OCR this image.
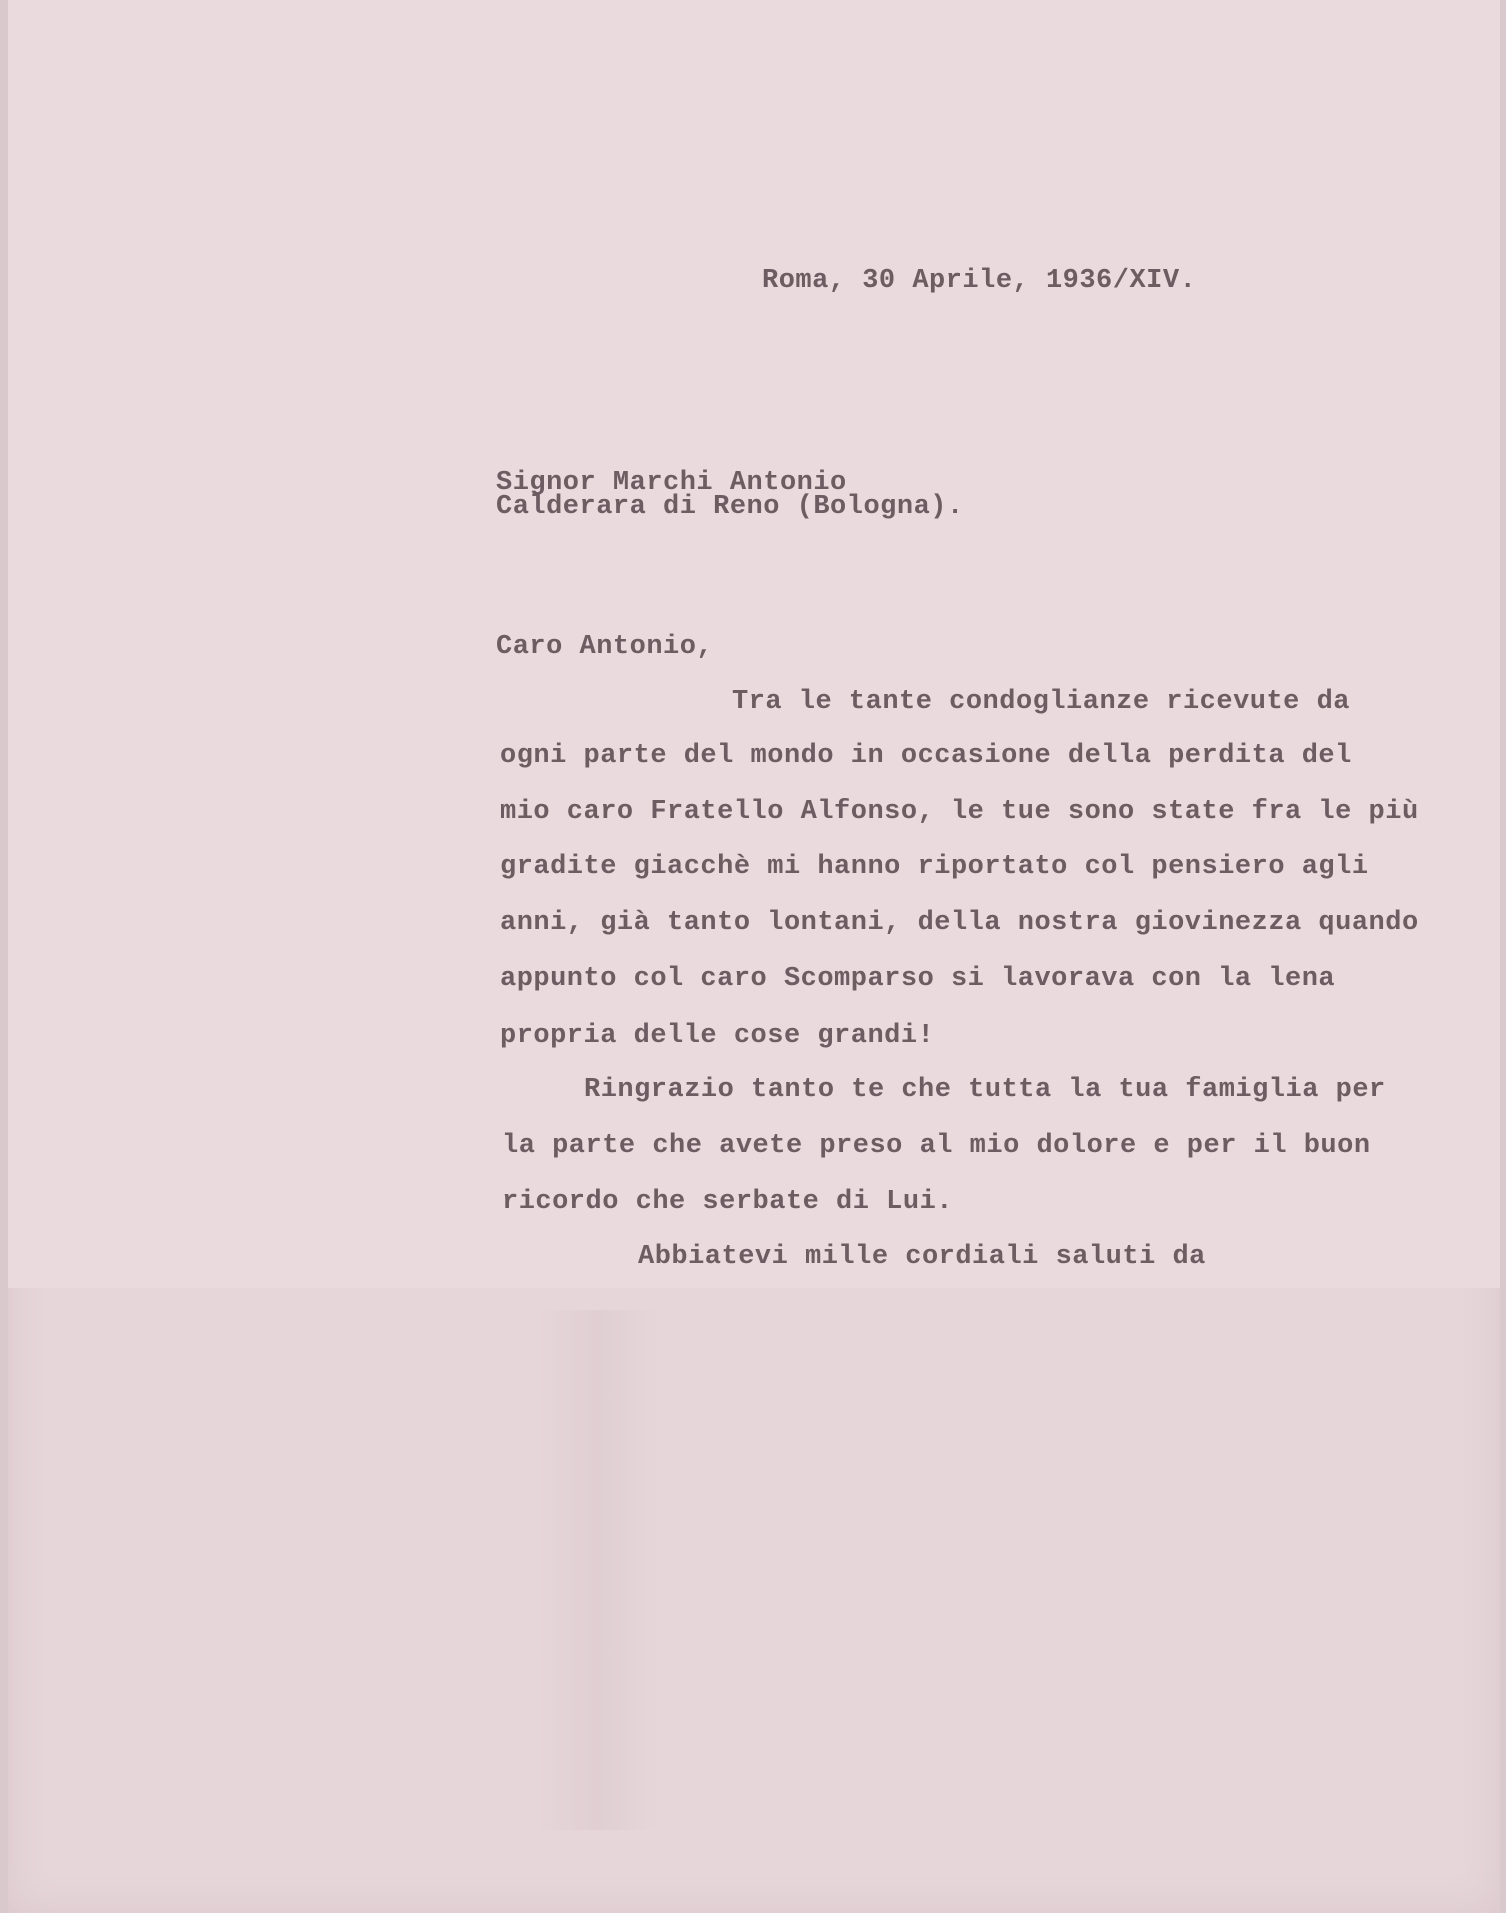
Roma, 30 Aprile, 1936/XIV.
Signor Marchi Antonio
Calderara di Reno (Bologna).
Caro Antonio,
Tra le tante condoglianze ricevute da
ogni parte del mondo in occasione della perdita del
mio caro Fratello Alfonso, le tue sono state fra le più
gradite giacchè mi hanno riportato col pensiero agli
anni, già tanto lontani, della nostra giovinezza quando
appunto col caro Scomparso si lavorava con la lena
propria delle cose grandi!
Ringrazio tanto te che tutta la tua famiglia per
la parte che avete preso al mio dolore e per il buon
ricordo che serbate di Lui.
Abbiatevi mille cordiali saluti da
